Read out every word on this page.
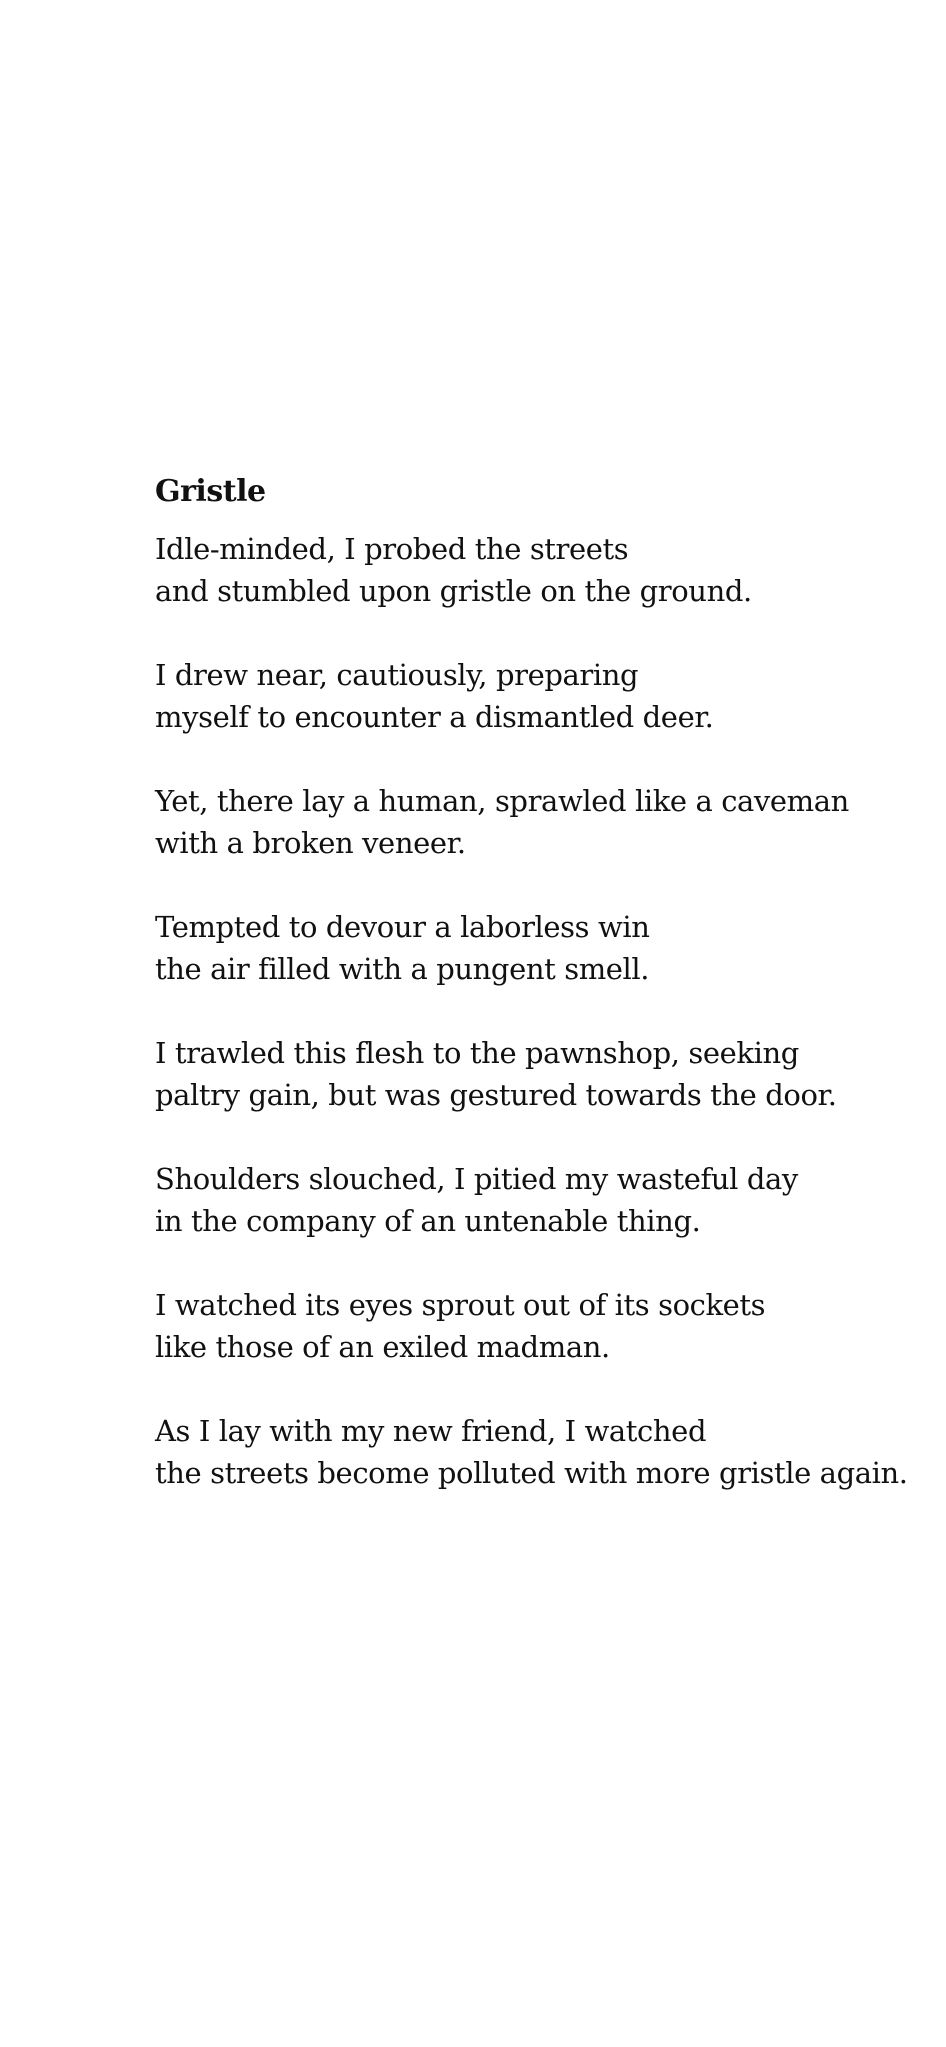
Gristle
Idle-minded, I probed the streets
and stumbled upon gristle on the ground.
I drew near, cautiously, preparing
myself to encounter a dismantled deer.
Yet, there lay a human, sprawled like a caveman
with a broken veneer.
Tempted to devour a laborless win
the air filled with a pungent smell.
I trawled this flesh to the pawnshop, seeking
paltry gain, but was gestured towards the door.
Shoulders slouched, I pitied my wasteful day
in the company of an untenable thing.
I watched its eyes sprout out of its sockets
like those of an exiled madman.
As I lay with my new friend, I watched
the streets become polluted with more gristle again.
